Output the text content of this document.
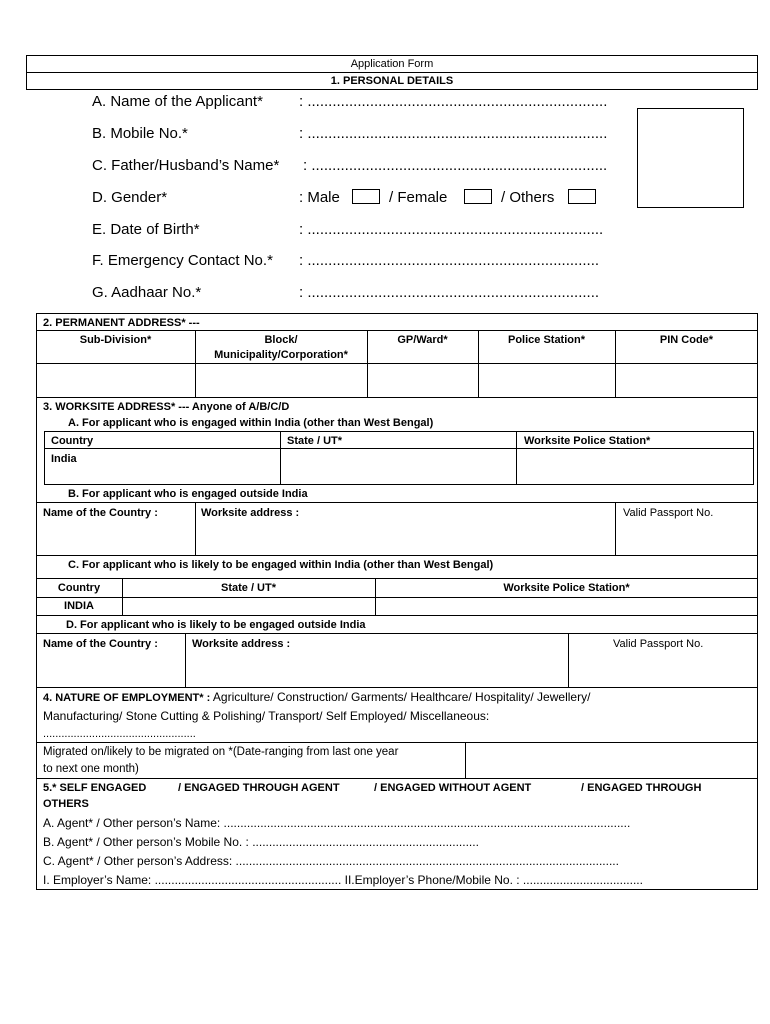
Application Form
1. PERSONAL DETAILS
A. Name of the Applicant* : ........................................................................
B. Mobile No.*	: ........................................................................
C. Father/Husband’s Name* : .......................................................................
D. Gender*	: Male	/ Female	/ Others
E. Date of Birth*	: .......................................................................
F. Emergency Contact No.* : ......................................................................
G. Aadhaar No.*	: ......................................................................
2. PERMANENT ADDRESS* ---
Sub-Division*	Block/
Municipality/Corporation*
GP/Ward*	Police Station*	PIN Code*
3. WORKSITE ADDRESS* --- Anyone of A/B/C/D
A. For applicant who is engaged within India (other than West Bengal)
Country	State / UT*	Worksite Police Station*
India
B. For applicant who is engaged outside India
Name of the Country :	Worksite address :	Valid Passport No.
C. For applicant who is likely to be engaged within India (other than West Bengal)
Country	State / UT*	Worksite Police Station*
INDIA
D. For applicant who is likely to be engaged outside India
Name of the Country :	Worksite address :	Valid Passport No.
4. NATURE OF EMPLOYMENT* : Agriculture/ Construction/ Garments/ Healthcare/ Hospitality/ Jewellery/
Manufacturing/ Stone Cutting & Polishing/ Transport/ Self Employed/ Miscellaneous:
..................................................
Migrated on/likely to be migrated on *(Date-ranging from last one year
to next one month)
5.* SELF ENGAGED	/ ENGAGED THROUGH AGENT	/ ENGAGED WITHOUT AGENT	/ ENGAGED THROUGH
OTHERS
A. Agent* / Other person’s Name: ..........................................................................................................................
B. Agent* / Other person’s Mobile No. : ....................................................................
C. Agent* / Other person’s Address: ...................................................................................................................
I. Employer’s Name: ........................................................ II.Employer’s Phone/Mobile No. : ....................................
